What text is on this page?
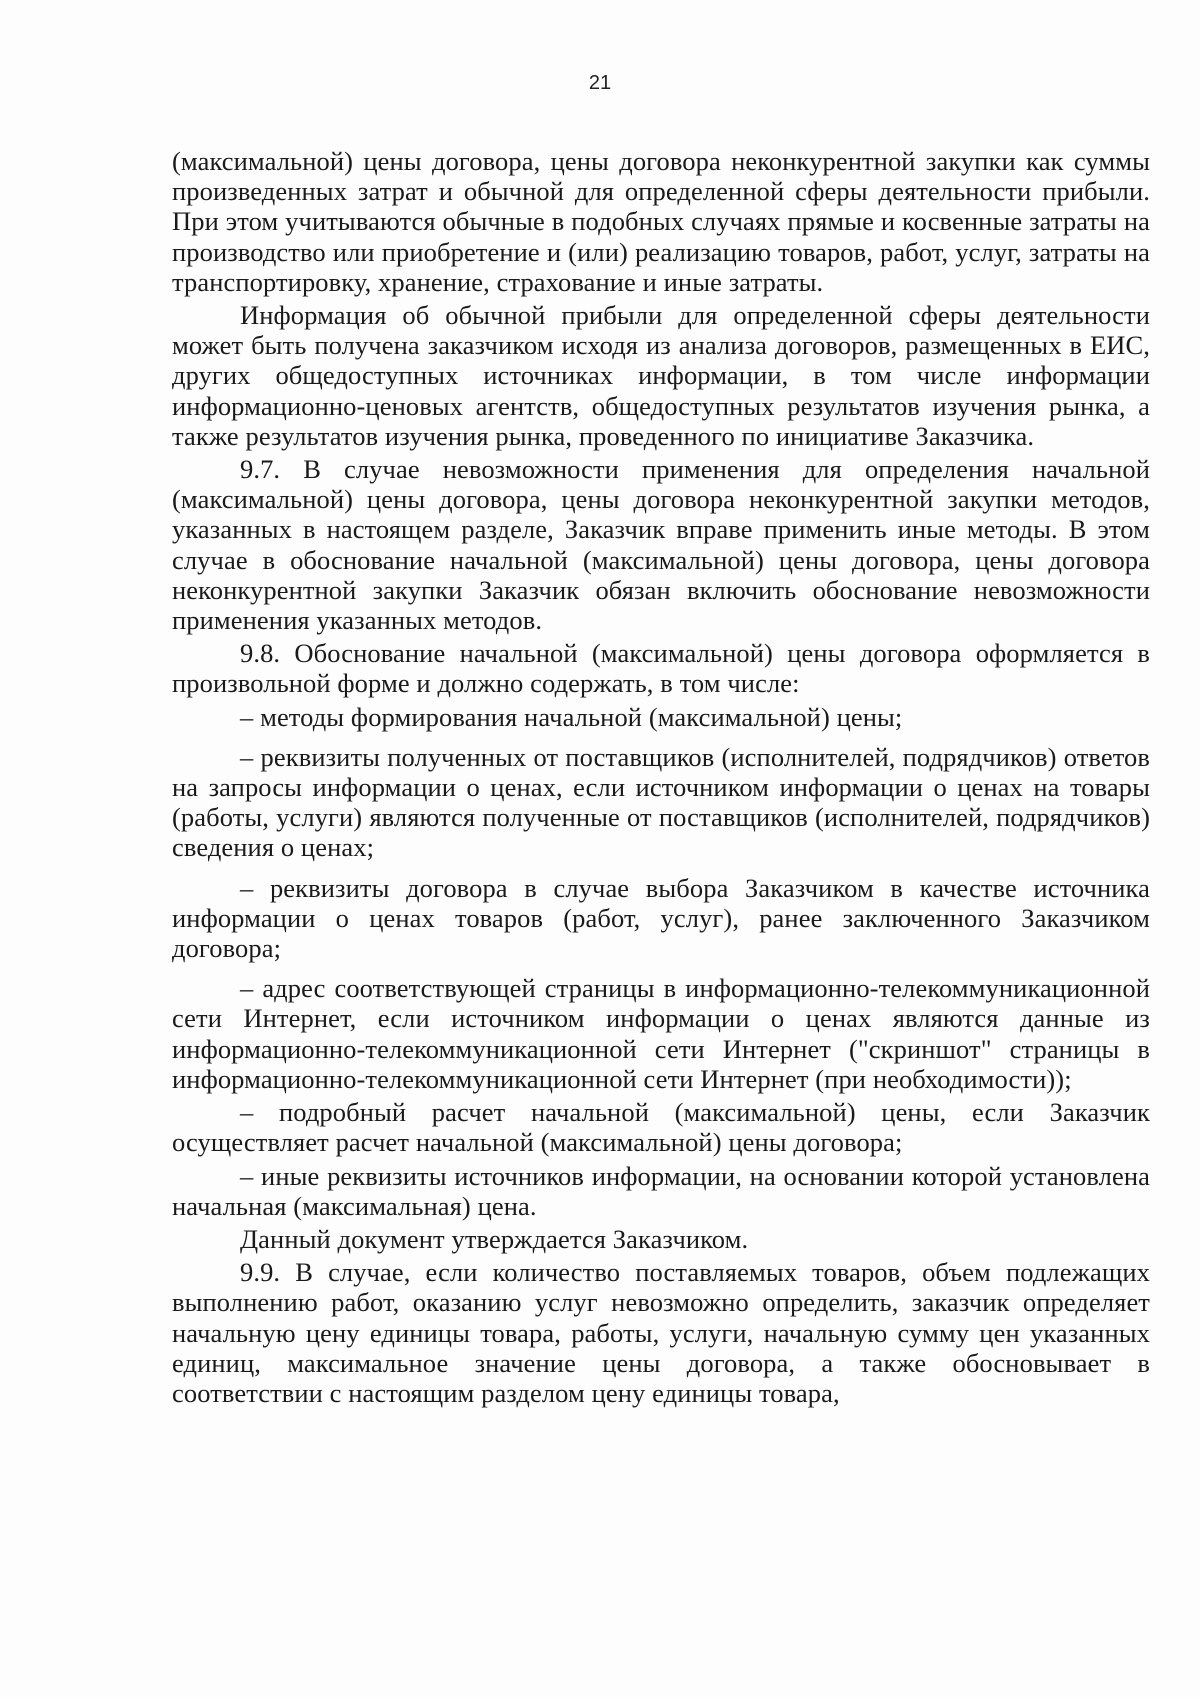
21

(максимальной) цены договора, цены договора неконкурентной закупки как суммы произведенных затрат и обычной для определенной сферы деятельности прибыли. При этом учитываются обычные в подобных случаях прямые и косвенные затраты на производство или приобретение и (или) реализацию товаров, работ, услуг, затраты на транспортировку, хранение, страхование и иные затраты.

Информация об обычной прибыли для определенной сферы деятельности может быть получена заказчиком исходя из анализа договоров, размещенных в ЕИС, других общедоступных источниках информации, в том числе информации информационно-ценовых агентств, общедоступных результатов изучения рынка, а также результатов изучения рынка, проведенного по инициативе Заказчика.

9.7. В случае невозможности применения для определения начальной (максимальной) цены договора, цены договора неконкурентной закупки методов, указанных в настоящем разделе, Заказчик вправе применить иные методы. В этом случае в обоснование начальной (максимальной) цены договора, цены договора неконкурентной закупки Заказчик обязан включить обоснование невозможности применения указанных методов.

9.8. Обоснование начальной (максимальной) цены договора оформляется в произвольной форме и должно содержать, в том числе:

– методы формирования начальной (максимальной) цены;

– реквизиты полученных от поставщиков (исполнителей, подрядчиков) ответов на запросы информации о ценах, если источником информации о ценах на товары (работы, услуги) являются полученные от поставщиков (исполнителей, подрядчиков) сведения о ценах;

– реквизиты договора в случае выбора Заказчиком в качестве источника информации о ценах товаров (работ, услуг), ранее заключенного Заказчиком договора;

– адрес соответствующей страницы в информационно-телекоммуникационной сети Интернет, если источником информации о ценах являются данные из информационно-телекоммуникационной сети Интернет ("скриншот" страницы в информационно-телекоммуникационной сети Интернет (при необходимости));

– подробный расчет начальной (максимальной) цены, если Заказчик осуществляет расчет начальной (максимальной) цены договора;

– иные реквизиты источников информации, на основании которой установлена начальная (максимальная) цена.

Данный документ утверждается Заказчиком.

9.9. В случае, если количество поставляемых товаров, объем подлежащих выполнению работ, оказанию услуг невозможно определить, заказчик определяет начальную цену единицы товара, работы, услуги, начальную сумму цен указанных единиц, максимальное значение цены договора, а также обосновывает в соответствии с настоящим разделом цену единицы товара,
